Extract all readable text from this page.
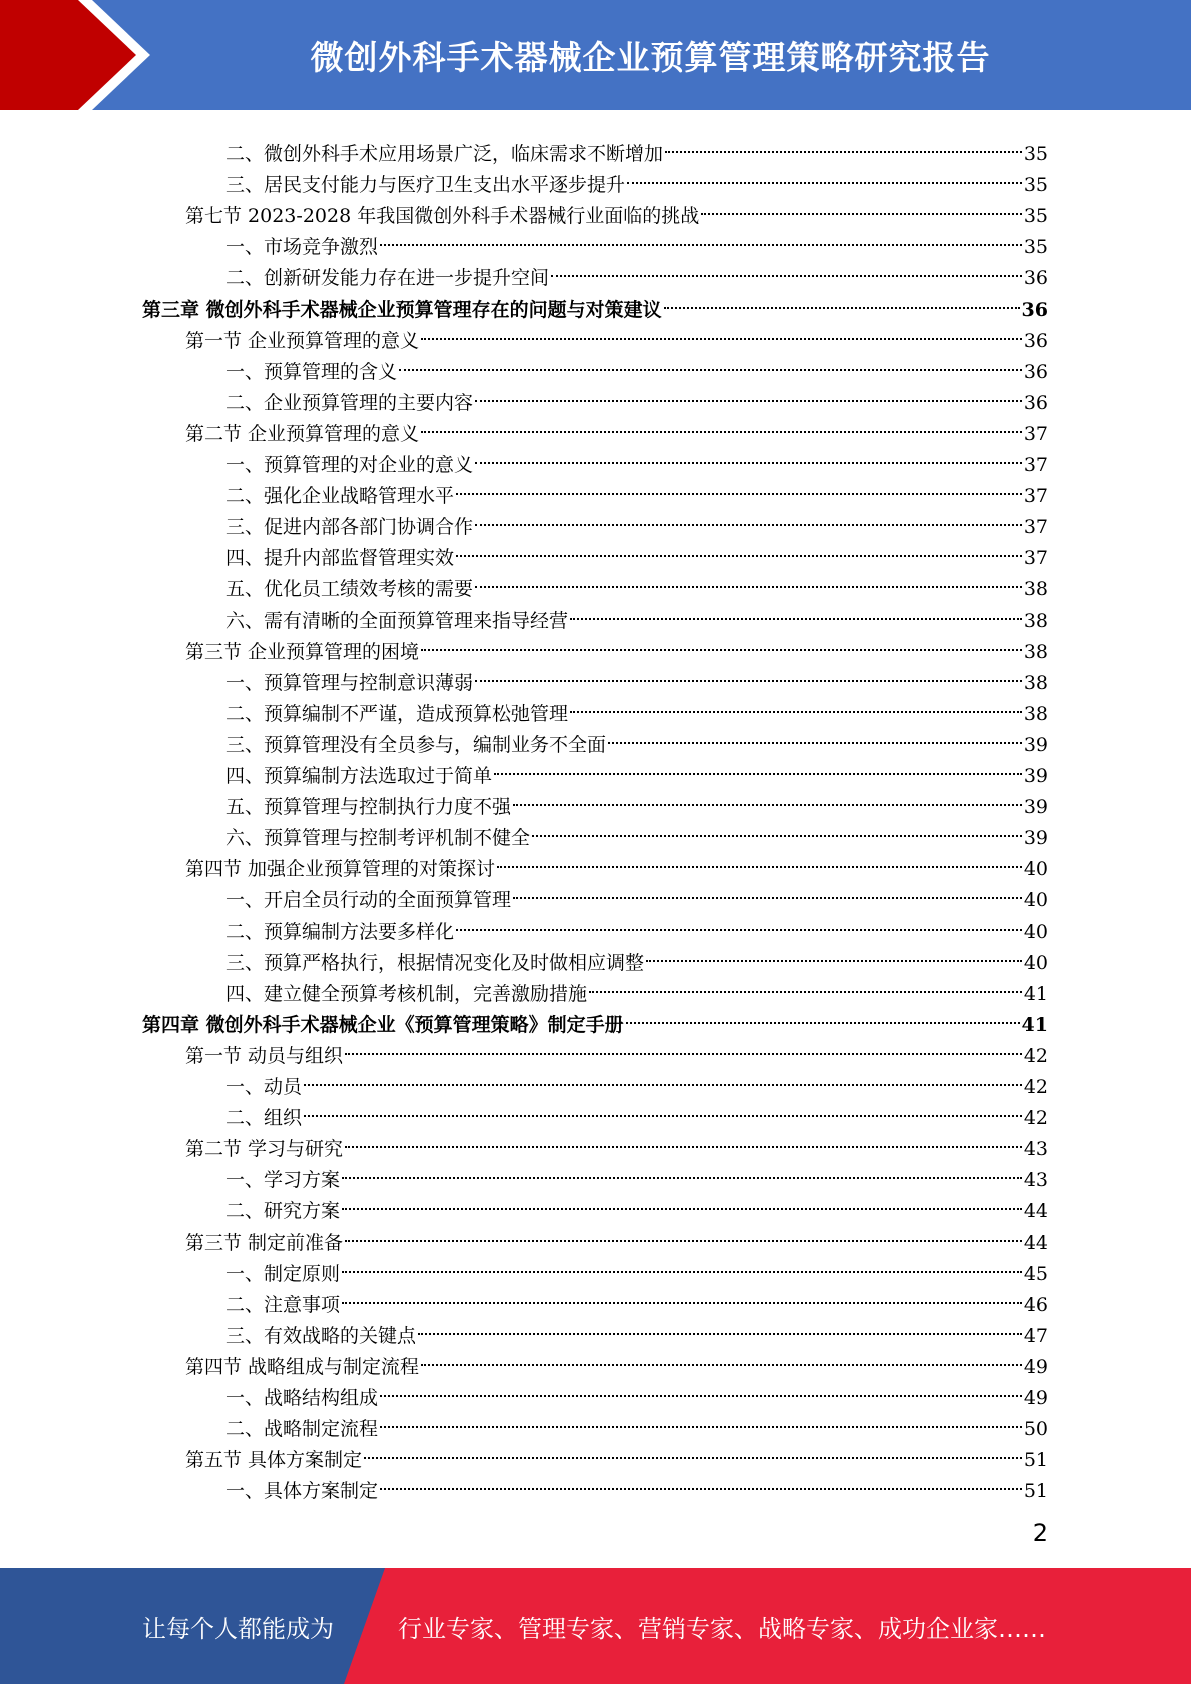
微创外科手术器械企业预算管理策略研究报告
二、微创外科手术应用场景广泛，临床需求不断增加	35
三、居民支付能力与医疗卫生支出水平逐步提升	35
第七节 2023-2028 年我国微创外科手术器械行业面临的挑战	35
一、市场竞争激烈	35
二、创新研发能力存在进一步提升空间	36
第三章 微创外科手术器械企业预算管理存在的问题与对策建议	36
第一节 企业预算管理的意义	36
一、预算管理的含义	36
二、企业预算管理的主要内容	36
第二节 企业预算管理的意义	37
一、预算管理的对企业的意义	37
二、强化企业战略管理水平	37
三、促进内部各部门协调合作	37
四、提升内部监督管理实效	37
五、优化员工绩效考核的需要	38
六、需有清晰的全面预算管理来指导经营	38
第三节 企业预算管理的困境	38
一、预算管理与控制意识薄弱	38
二、预算编制不严谨，造成预算松弛管理	38
三、预算管理没有全员参与，编制业务不全面	39
四、预算编制方法选取过于简单	39
五、预算管理与控制执行力度不强	39
六、预算管理与控制考评机制不健全	39
第四节 加强企业预算管理的对策探讨	40
一、开启全员行动的全面预算管理	40
二、预算编制方法要多样化	40
三、预算严格执行，根据情况变化及时做相应调整	40
四、建立健全预算考核机制，完善激励措施	41
第四章 微创外科手术器械企业《预算管理策略》制定手册	41
第一节 动员与组织	42
一、动员	42
二、组织	42
第二节 学习与研究	43
一、学习方案	43
二、研究方案	44
第三节 制定前准备	44
一、制定原则	45
二、注意事项	46
三、有效战略的关键点	47
第四节 战略组成与制定流程	49
一、战略结构组成	49
二、战略制定流程	50
第五节 具体方案制定	51
一、具体方案制定	51
2
让每个人都能成为	行业专家、管理专家、营销专家、战略专家、成功企业家……
